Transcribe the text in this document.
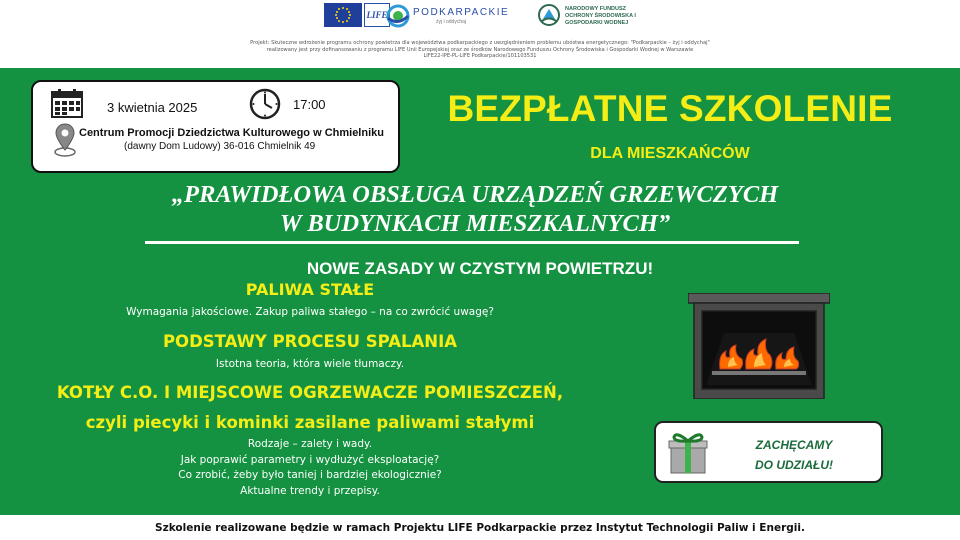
LIFE	PODKARPACKIE
żyj i oddychaj
NARODOWY FUNDUSZ OCHRONY ŚRODOWISKA I GOSPODARKI WODNEJ
Projekt: Skuteczne wdrożenie programu ochrony powietrza dla województwa podkarpackiego z uwzględnieniem problemu ubóstwa energetycznego: "Podkarpackie – żyj i oddychaj"
realizowany jest przy dofinansowaniu z programu LIFE Unii Europejskiej oraz ze środków Narodowego Funduszu Ochrony Środowiska i Gospodarki Wodnej w Warszawie
LIFE22-IPE-PL-LIFE Podkarpackie/101103531
3 kwietnia 2025	17:00
Centrum Promocji Dziedzictwa Kulturowego w Chmielniku
(dawny Dom Ludowy) 36-016 Chmielnik 49
BEZPŁATNE SZKOLENIE
DLA MIESZKAŃCÓW
„PRAWIDŁOWA OBSŁUGA URZĄDZEŃ GRZEWCZYCH
W BUDYNKACH MIESZKALNYCH”
NOWE ZASADY W CZYSTYM POWIETRZU!
PALIWA STAŁE
Wymagania jakościowe. Zakup paliwa stałego – na co zwrócić uwagę?
PODSTAWY PROCESU SPALANIA
Istotna teoria, która wiele tłumaczy.
KOTŁY C.O. I MIEJSCOWE OGRZEWACZE POMIESZCZEŃ,
czyli piecyki i kominki zasilane paliwami stałymi
Rodzaje – zalety i wady.
Jak poprawić parametry i wydłużyć eksploatację?
Co zrobić, żeby było taniej i bardziej ekologicznie?
Aktualne trendy i przepisy.
ZACHĘCAMY
DO UDZIAŁU!
Szkolenie realizowane będzie w ramach Projektu LIFE Podkarpackie przez Instytut Technologii Paliw i Energii.
